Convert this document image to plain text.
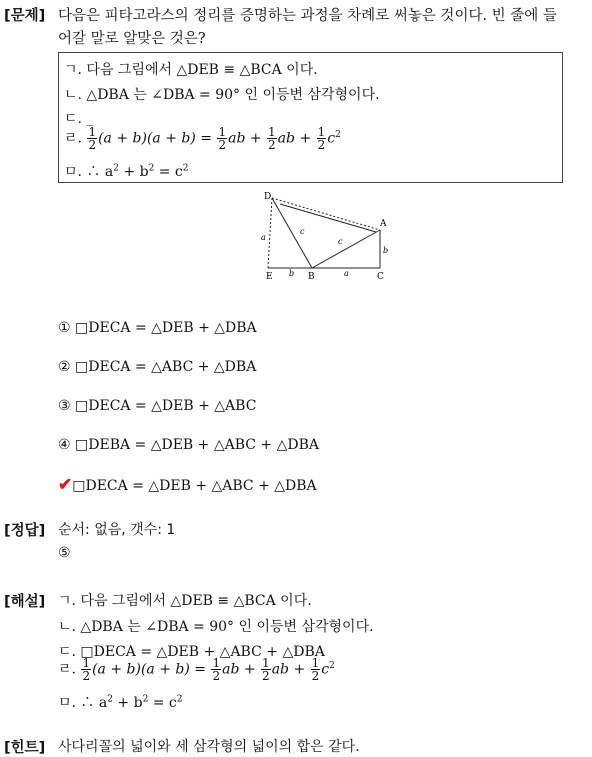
[문제] 다음은 피타고라스의 정리를 증명하는 과정을 차례로 써놓은 것이다. 빈 줄에 들
어갈 말로 알맞은 것은?
ㄱ. 다음 그림에서 △DEB ≡ △BCA 이다.
ㄴ. △DBA 는 ∠DBA = 90° 인 이등변 삼각형이다.
ㄷ. _
ㄹ. $\frac{1}{2} (a + b)(a + b) = \frac{1}{2}$ ab + $\frac{1}{2}$ ab + $\frac{1}{2} c^2$
ㅁ. ∴ $a^2 + b^2 = c^2$
D
A
E	B	C
a
c
c
b
b	a
① □DECA = △DEB + △DBA
② □DECA = △ABC + △DBA
③ □DECA = △DEB + △ABC
④ □DEBA = △DEB + △ABC + △DBA
✔□DECA = △DEB + △ABC + △DBA
[정답] 순서: 없음, 갯수: 1
⑤
[해설] ㄱ. 다음 그림에서 △DEB ≡ △BCA 이다.
ㄴ. △DBA 는 ∠DBA = 90° 인 이등변 삼각형이다.
ㄷ. □DECA = △DEB + △ABC + △DBA
ㄹ. $\frac{1}{2} (a + b)(a + b) = \frac{1}{2}$ ab + $\frac{1}{2}$ ab + $\frac{1}{2} c^2$
ㅁ. ∴ $a^2 + b^2 = c^2$
[힌트] 사다리꼴의 넓이와 세 삼각형의 넓이의 합은 같다.
